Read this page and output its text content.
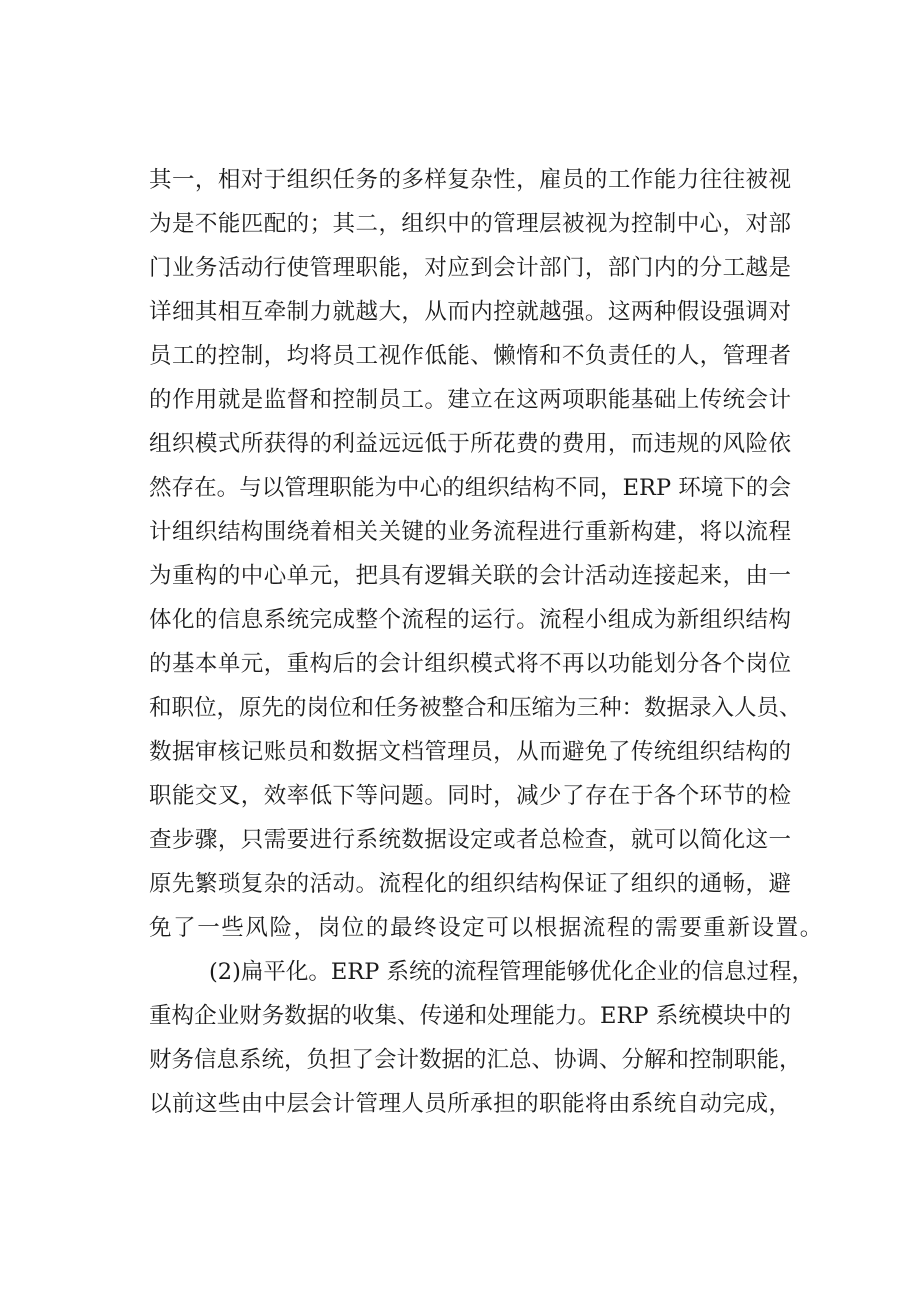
其一，相对于组织任务的多样复杂性，雇员的工作能力往往被视
为是不能匹配的；其二，组织中的管理层被视为控制中心，对部
门业务活动行使管理职能，对应到会计部门，部门内的分工越是
详细其相互牵制力就越大，从而内控就越强。这两种假设强调对
员工的控制，均将员工视作低能、懒惰和不负责任的人，管理者
的作用就是监督和控制员工。建立在这两项职能基础上传统会计
组织模式所获得的利益远远低于所花费的费用，而违规的风险依
然存在。与以管理职能为中心的组织结构不同，ERP 环境下的会
计组织结构围绕着相关关键的业务流程进行重新构建，将以流程
为重构的中心单元，把具有逻辑关联的会计活动连接起来，由一
体化的信息系统完成整个流程的运行。流程小组成为新组织结构
的基本单元，重构后的会计组织模式将不再以功能划分各个岗位
和职位，原先的岗位和任务被整合和压缩为三种：数据录入人员、
数据审核记账员和数据文档管理员，从而避免了传统组织结构的
职能交叉，效率低下等问题。同时，减少了存在于各个环节的检
查步骤，只需要进行系统数据设定或者总检查，就可以简化这一
原先繁琐复杂的活动。流程化的组织结构保证了组织的通畅，避
免了一些风险，岗位的最终设定可以根据流程的需要重新设置。
(2)扁平化。ERP 系统的流程管理能够优化企业的信息过程，
重构企业财务数据的收集、传递和处理能力。ERP 系统模块中的
财务信息系统，负担了会计数据的汇总、协调、分解和控制职能，
以前这些由中层会计管理人员所承担的职能将由系统自动完成，
